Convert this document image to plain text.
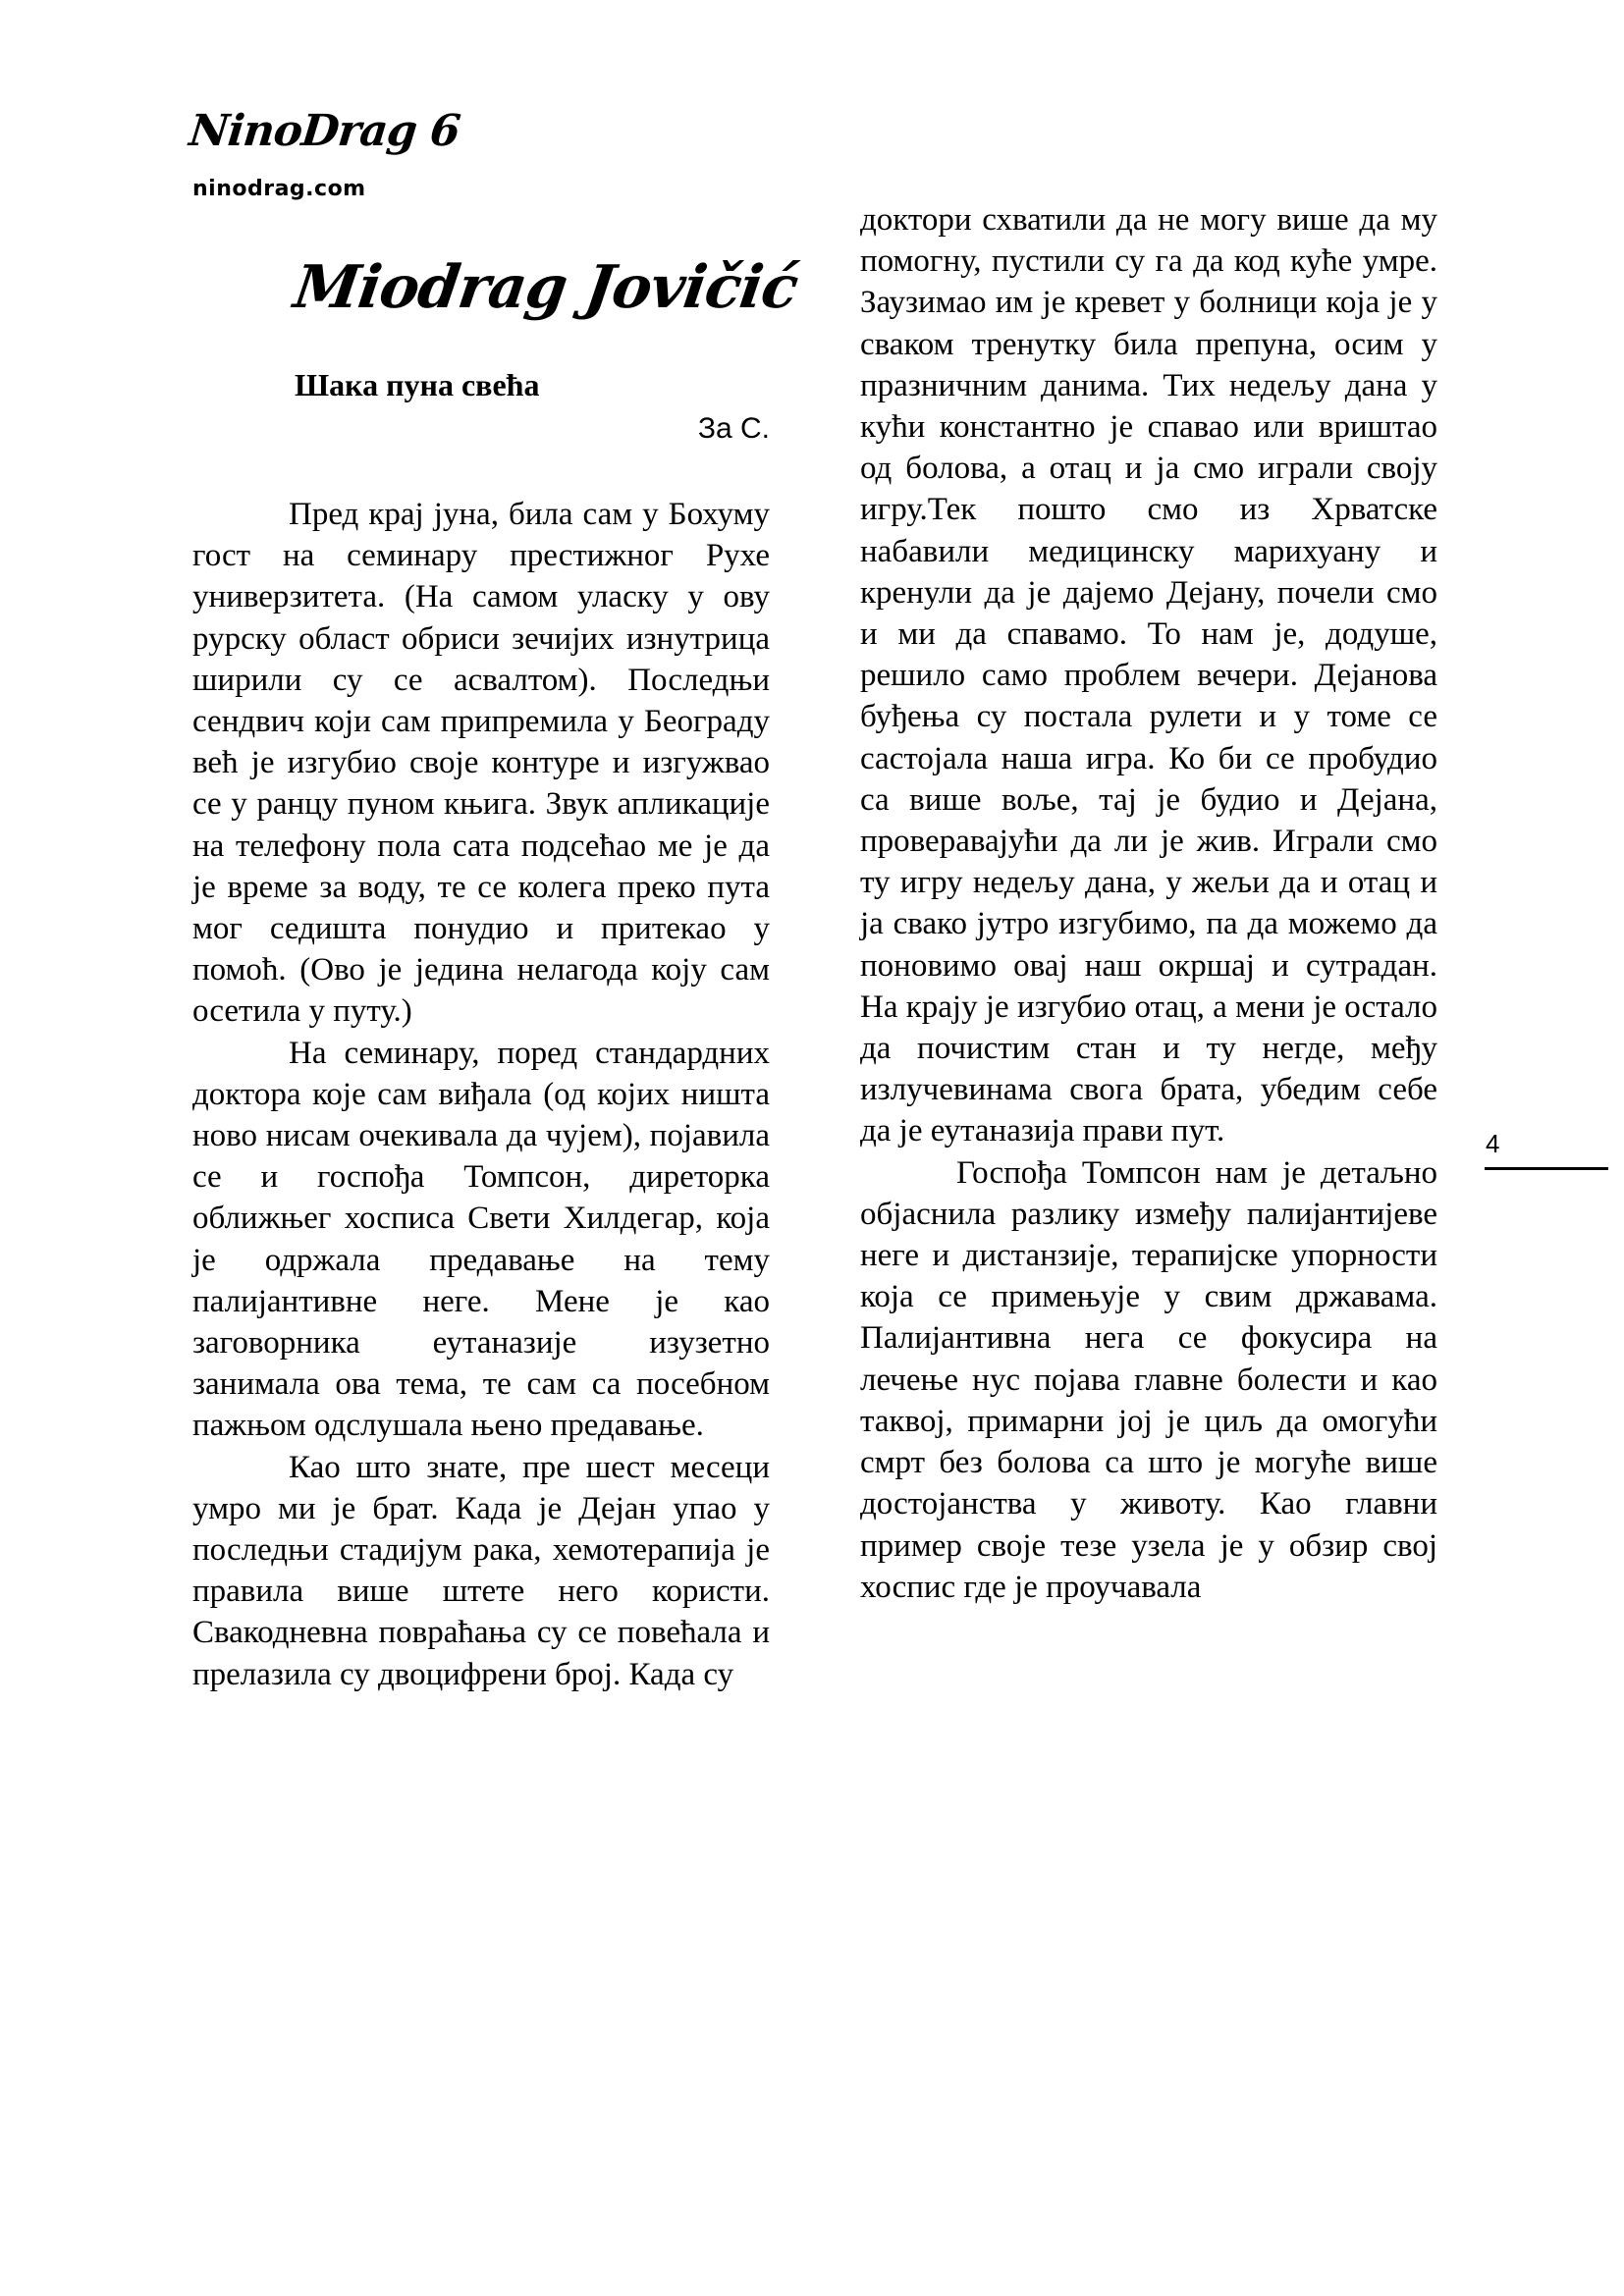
NinoDrag 6
ninodrag.com
Miodrag Jovičić
Шака пуна свећа
За С.

Пред крај јуна, била сам у Бохуму гост на семинару престижног Рухе универзитета. (На самом уласку у ову рурску област обриси зечијих изнутрица ширили су се асвалтом). Последњи сендвич који сам припремила у Београду већ је изгубио своје контуре и изгужвао се у ранцу пуном књига. Звук апликације на телефону пола сата подсећао ме је да је време за воду, те се колега преко пута мог седишта понудио и притекао у помоћ. (Ово је једина нелагода коју сам осетила у путу.)

На семинару, поред стандардних доктора које сам виђала (од којих ништа ново нисам очекивала да чујем), појавила се и госпођа Томпсон, диреторка оближњег хосписа Свети Хилдегар, која је одржала предавање на тему палијантивне неге. Мене је као заговорника еутаназије изузетно занимала ова тема, те сам са посебном пажњом одслушала њено предавање.

Као што знате, пре шест месеци умро ми је брат. Када је Дејан упао у последњи стадијум рака, хемотерапија је правила више штете него користи. Свакодневна повраћања су се повећала и прелазила су двоцифрени број. Када су

доктори схватили да не могу више да му помогну, пустили су га да код куће умре. Заузимао им је кревет у болници која је у сваком тренутку била препуна, осим у празничним данима. Тих недељу дана у кући константно је спавао или вриштао од болова, а отац и ја смо играли своју игру.Тек пошто смо из Хрватске набавили медицинску марихуану и кренули да је дајемо Дејану, почели смо и ми да спавамо. То нам је, додуше, решило само проблем вечери. Дејанова буђења су постала рулети и у томе се састојала наша игра. Ко би се пробудио са више воље, тај је будио и Дејана, проверавајући да ли је жив. Играли смо ту игру недељу дана, у жељи да и отац и ја свако јутро изгубимо, па да можемо да поновимо овај наш окршај и сутрадан. На крају је изгубио отац, а мени је остало да почистим стан и ту негде, међу излучевинама свога брата, убедим себе да је еутаназија прави пут.

Госпођа Томпсон нам је детаљно објаснила разлику између палијантијеве неге и дистанзије, терапијске упорности која се примењује у свим државама. Палијантивна нега се фокусира на лечење нус појава главне болести и као таквој, примарни јој је циљ да омогући смрт без болова са што је могуће више достојанства у животу. Као главни пример своје тезе узела је у обзир свој хоспис где је проучавала

4
